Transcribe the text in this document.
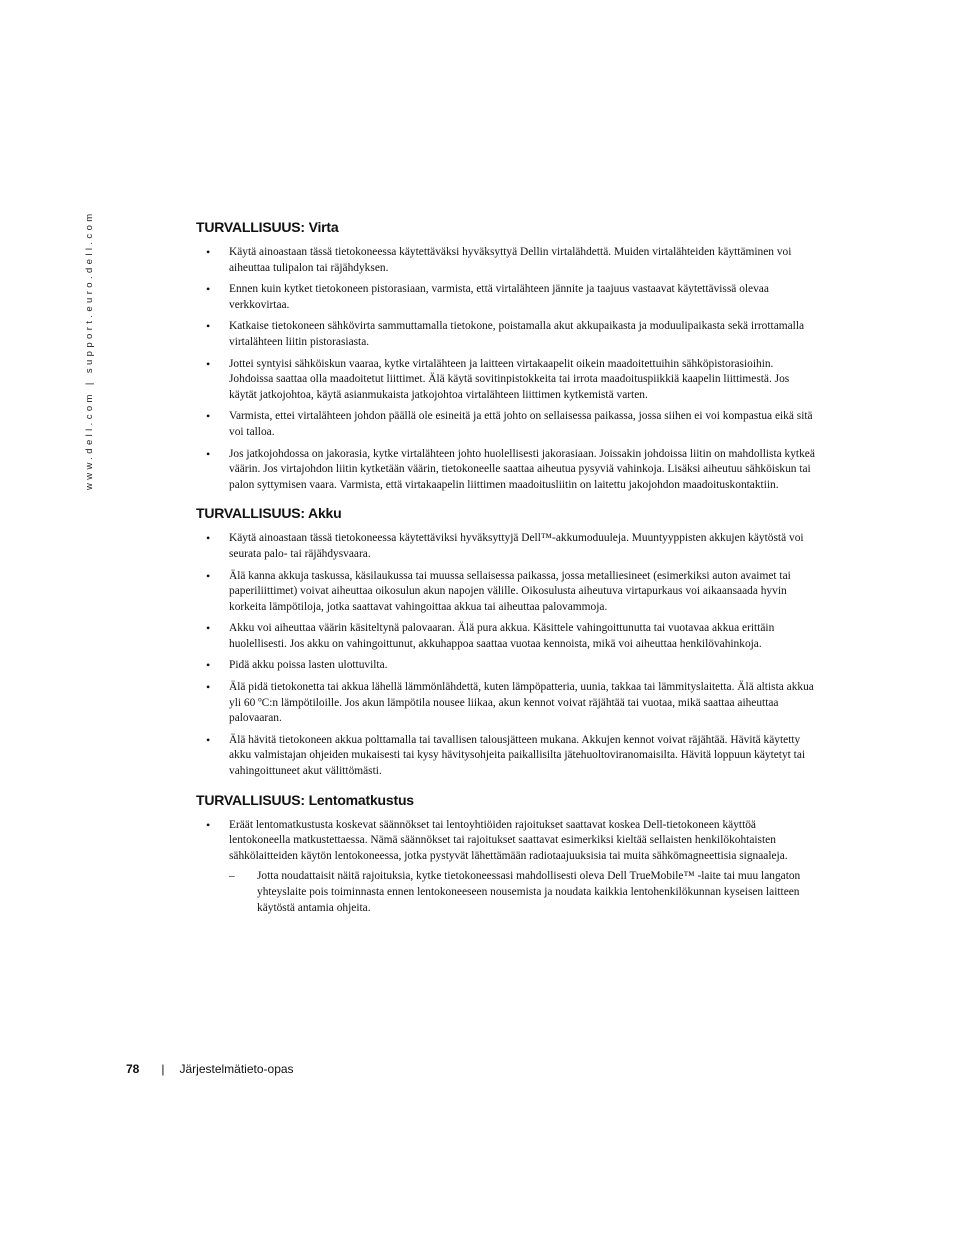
www.dell.com | support.euro.dell.com	TURVALLISUUS: Virta
• Käytä ainoastaan tässä tietokoneessa käytettäväksi hyväksyttyä Dellin virtalähdettä. Muiden virtalähteiden käyttäminen voi aiheuttaa tulipalon tai räjähdyksen.
• Ennen kuin kytket tietokoneen pistorasiaan, varmista, että virtalähteen jännite ja taajuus vastaavat käytettävissä olevaa verkkovirtaa.
• Katkaise tietokoneen sähkövirta sammuttamalla tietokone, poistamalla akut akkupaikasta ja moduulipaikasta sekä irrottamalla virtalähteen liitin pistorasiasta.
• Jottei syntyisi sähköiskun vaaraa, kytke virtalähteen ja laitteen virtakaapelit oikein maadoitettuihin sähköpistorasioihin. Johdoissa saattaa olla maadoitetut liittimet. Älä käytä sovitinpistokkeita tai irrota maadoituspiikkiä kaapelin liittimestä. Jos käytät jatkojohtoa, käytä asianmukaista jatkojohtoa virtalähteen liittimen kytkemistä varten.
• Varmista, ettei virtalähteen johdon päällä ole esineitä ja että johto on sellaisessa paikassa, jossa siihen ei voi kompastua eikä sitä voi talloa.
• Jos jatkojohdossa on jakorasia, kytke virtalähteen johto huolellisesti jakorasiaan. Joissakin johdoissa liitin on mahdollista kytkeä väärin. Jos virtajohdon liitin kytketään väärin, tietokoneelle saattaa aiheutua pysyviä vahinkoja. Lisäksi aiheutuu sähköiskun tai palon syttymisen vaara. Varmista, että virtakaapelin liittimen maadoitusliitin on laitettu jakojohdon maadoituskontaktiin.
TURVALLISUUS: Akku
• Käytä ainoastaan tässä tietokoneessa käytettäviksi hyväksyttyjä Dell™-akkumoduuleja. Muuntyyppisten akkujen käytöstä voi seurata palo- tai räjähdysvaara.
• Älä kanna akkuja taskussa, käsilaukussa tai muussa sellaisessa paikassa, jossa metalliesineet (esimerkiksi auton avaimet tai paperiliittimet) voivat aiheuttaa oikosulun akun napojen välille. Oikosulusta aiheutuva virtapurkaus voi aikaansaada hyvin korkeita lämpötiloja, jotka saattavat vahingoittaa akkua tai aiheuttaa palovammoja.
• Akku voi aiheuttaa väärin käsiteltynä palovaaran. Älä pura akkua. Käsittele vahingoittunutta tai vuotavaa akkua erittäin huolellisesti. Jos akku on vahingoittunut, akkuhappoa saattaa vuotaa kennoista, mikä voi aiheuttaa henkilövahinkoja.
• Pidä akku poissa lasten ulottuvilta.
• Älä pidä tietokonetta tai akkua lähellä lämmönlähdettä, kuten lämpöpatteria, uunia, takkaa tai lämmityslaitetta. Älä altista akkua yli 60 ºC:n lämpötiloille. Jos akun lämpötila nousee liikaa, akun kennot voivat räjähtää tai vuotaa, mikä saattaa aiheuttaa palovaaran.
• Älä hävitä tietokoneen akkua polttamalla tai tavallisen talousjätteen mukana. Akkujen kennot voivat räjähtää. Hävitä käytetty akku valmistajan ohjeiden mukaisesti tai kysy hävitysohjeita paikallisilta jätehuoltoviranomaisilta. Hävitä loppuun käytetyt tai vahingoittuneet akut välittömästi.
TURVALLISUUS: Lentomatkustus
• Eräät lentomatkustusta koskevat säännökset tai lentoyhtiöiden rajoitukset saattavat koskea Dell-tietokoneen käyttöä lentokoneella matkustettaessa. Nämä säännökset tai rajoitukset saattavat esimerkiksi kieltää sellaisten henkilökohtaisten sähkölaitteiden käytön lentokoneessa, jotka pystyvät lähettämään radiotaajuuksisia tai muita sähkömagneettisia signaaleja.
– Jotta noudattaisit näitä rajoituksia, kytke tietokoneessasi mahdollisesti oleva Dell TrueMobile™ -laite tai muu langaton yhteyslaite pois toiminnasta ennen lentokoneeseen nousemista ja noudata kaikkia lentohenkilökunnan kyseisen laitteen käytöstä antamia ohjeita.
78 | Järjestelmätieto-opas
